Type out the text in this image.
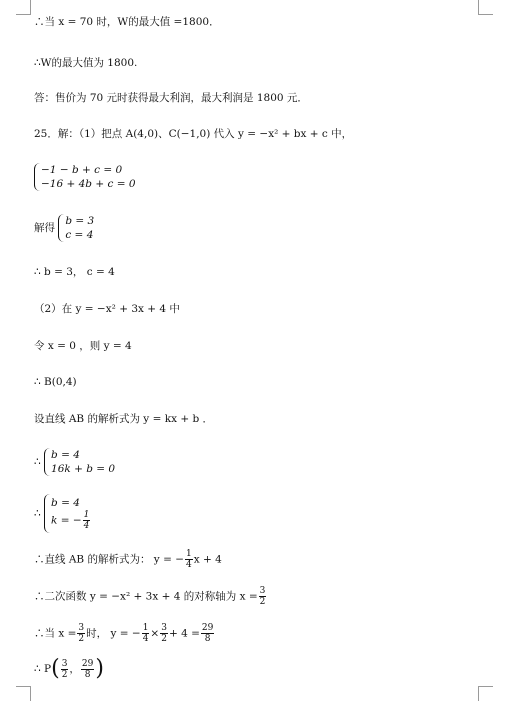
∴当 x = 70 时，W的最大值 =1800．
∴W的最大值为 1800.
答：售价为 70 元时获得最大利润，最大利润是 1800 元．
25．解：（1）把点 A(4,0)、C(−1,0) 代入 y = −x² + bx + c 中，
−1 − b + c = 0
−16 + 4b + c = 0
解得
b = 3
c = 4
∴ b = 3， c = 4
（2）在 y = −x² + 3x + 4 中
令 x = 0 ，则 y = 4
∴ B(0,4)
设直线 AB 的解析式为 y = kx + b ．
∴
b = 4
16k + b = 0
∴
b = 4
k = − $\frac{1}{4}$
∴直线 AB 的解析式为： y = − $\frac{1}{4}$ x + 4
∴二次函数 y = −x² + 3x + 4 的对称轴为 $x = \frac{3}{2}$
∴当 $x = \frac{3}{2}$ 时， y = − $\frac{1}{4} \times \frac{3}{2} + 4 = \frac{29}{8}$
∴ $P( \frac{3}{2}$ ， $\frac{29}{8}$ )
